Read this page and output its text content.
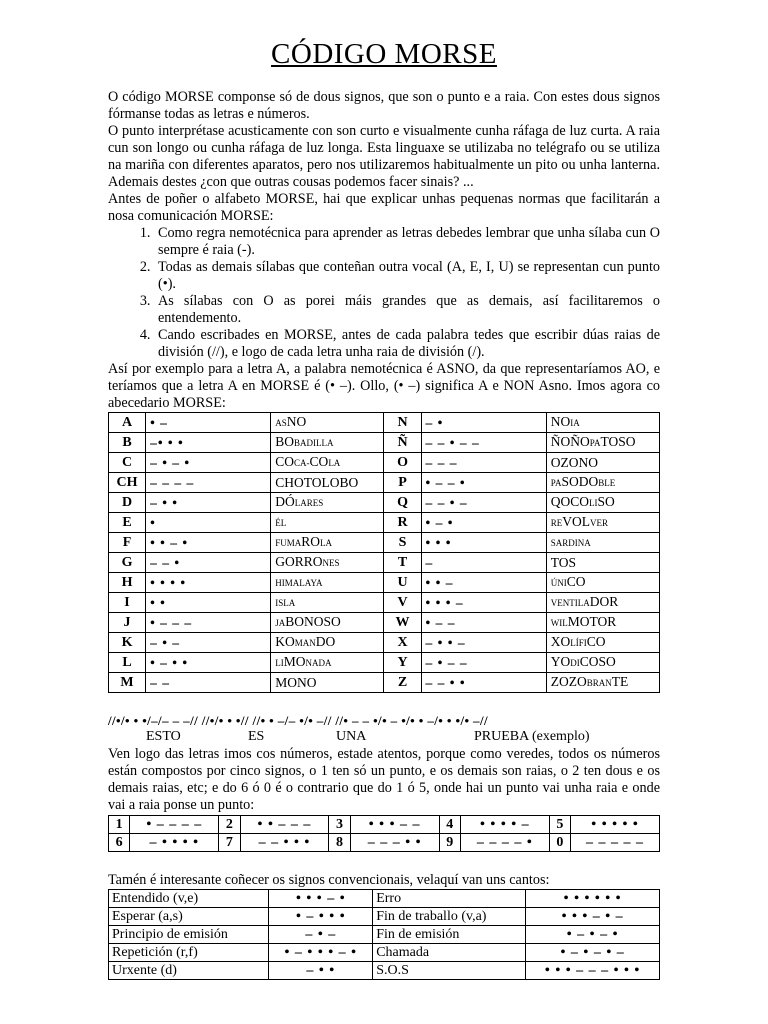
CÓDIGO MORSE

O código MORSE componse só de dous signos, que son o punto e a raia. Con estes dous signos fórmanse todas as letras e números.

O punto interprétase acusticamente con son curto e visualmente cunha ráfaga de luz curta. A raia cun son longo ou cunha ráfaga de luz longa. Esta linguaxe se utilizaba no telégrafo ou se utiliza na mariña con diferentes aparatos, pero nos utilizaremos habitualmente un pito ou unha lanterna. Ademais destes ¿con que outras cousas podemos facer sinais? ...

Antes de poñer o alfabeto MORSE, hai que explicar unhas pequenas normas que facilitarán a nosa comunicación MORSE:

1. Como regra nemotécnica para aprender as letras debedes lembrar que unha sílaba cun O sempre é raia (-).
2. Todas as demais sílabas que conteñan outra vocal (A, E, I, U) se representan cun punto (•).
3. As sílabas con O as porei máis grandes que as demais, así facilitaremos o entendemento.
4. Cando escribades en MORSE, antes de cada palabra tedes que escribir dúas raias de división (//), e logo de cada letra unha raia de división (/).

Así por exemplo para a letra A, a palabra nemotécnica é ASNO, da que representaríamos AO, e teríamos que a letra A en MORSE é (• –). Ollo, (• –) significa A e NON Asno. Imos agora co abecedario MORSE:

A	• –	ASNO	N	– •	NOIA
B	–• • •	BOBADILLA	Ñ	– – • – –	ÑOÑOPATOSO
C	– • – •	COCA-COLA	O	– – –	OZONO
CH	– – – –	CHOTOLOBO	P	• – – •	PASODOBLE
D	– • •	DÓLARES	Q	– – • –	QOCOLISO
E	•	ÉL	R	• – •	REVOLVER
F	• • – •	FUMAROLA	S	• • •	SARDINA
G	– – •	GORRONES	T	–	TOS
H	• • • •	HIMALAYA	U	• • –	ÚNICO
I	• •	ISLA	V	• • • –	VENTILADOR
J	• – – –	JABONOSO	W	• – –	WILMOTOR
K	– • –	KOMANDO	X	– • • –	XOLÍFICO
L	• – • •	LIMONADA	Y	– • – –	YODICOSO
M	– –	MONO	Z	– – • •	ZOZOBRANTE
//•/• • •/–/– – –// //•/• • •// //• • –/– •/• –// //• – – •/• – •/• • –/• • •/• –//
ESTO	ES	UNA	PRUEBA (exemplo)

Ven logo das letras imos cos números, estade atentos, porque como veredes, todos os números están compostos por cinco signos, o 1 ten só un punto, e os demais son raias, o 2 ten dous e os demais raias, etc; e do 6 ó 0 é o contrario que do 1 ó 5, onde hai un punto vai unha raia e onde vai a raia ponse un punto:

1	• – – – –	2	• • – – –	3	• • • – –	4	• • • • –	5	• • • • •
6	– • • • •	7	– – • • •	8	– – – • •	9	– – – – •	0	– – – – –
Tamén é interesante coñecer os signos convencionais, velaquí van uns cantos:
Entendido (v,e)	• • • – •	Erro	• • • • • •
Esperar (a,s)	• – • • •	Fin de traballo (v,a)	• • • – • –
Principio de emisión	– • –	Fin de emisión	• – • – •
Repetición (r,f)	• – • • • – •	Chamada	• – • – • –
Urxente (d)	– • •	S.O.S	• • • – – – • • •
